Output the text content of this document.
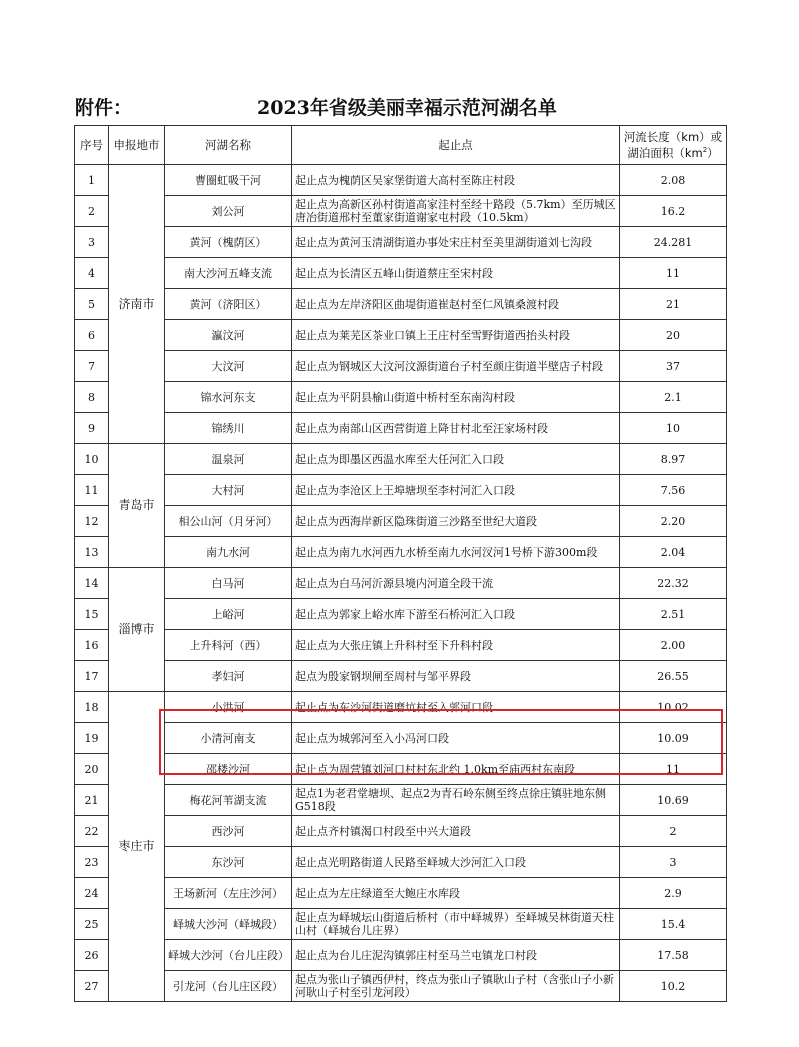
附件：	2023年省级美丽幸福示范河湖名单
序号	申报地市	河湖名称	起止点	河流长度（km）或
湖泊面积$(km^2)$
1	济南市	曹圈虹吸干河	起止点为槐荫区吴家堡街道大高村至陈庄村段	2.08
2		刘公河	起止点为高新区孙村街道高家洼村至经十路段（5.7km）至历城区唐冶街道邢村至董家街道谢家屯村段（10.5km）	16.2
3		黄河（槐荫区）	起止点为黄河玉清湖街道办事处宋庄村至美里湖街道刘七沟段	24.281
4		南大沙河五峰支流	起止点为长清区五峰山街道蔡庄至宋村段	11
5		黄河（济阳区）	起止点为左岸济阳区曲堤街道崔赵村至仁风镇桑渡村段	21
6		瀛汶河	起止点为莱芜区茶业口镇上王庄村至雪野街道西抬头村段	20
7		大汶河	起止点为钢城区大汶河汶源街道台子村至颜庄街道半壁店子村段	37
8		锦水河东支	起止点为平阴县榆山街道中桥村至东南沟村段	2.1
9		锦绣川	起止点为南部山区西营街道上降甘村北至汪家场村段	10
10	青岛市	温泉河	起止点为即墨区西温水库至大任河汇入口段	8.97
11		大村河	起止点为李沧区上王埠塘坝至李村河汇入口段	7.56
12		相公山河（月牙河）	起止点为西海岸新区隐珠街道三沙路至世纪大道段	2.20
13		南九水河	起止点为南九水河西九水桥至南九水河汊河1号桥下游300m段	2.04
14	淄博市	白马河	起止点为白马河沂源县境内河道全段干流	22.32
15		上峪河	起止点为郭家上峪水库下游至石桥河汇入口段	2.51
16		上升科河（西）	起止点为大张庄镇上升科村至下升科村段	2.00
17		孝妇河	起点为殷家钢坝闸至周村与邹平界段	26.55
18	枣庄市	小洪河	起止点为东沙河街道磨坑村至入郭河口段	10.02
19		小清河南支	起止点为城郭河至入小冯河口段	10.09
20		邵楼沙河	起止点为周营镇刘河口村村东北约 1.0km至庙西村东南段	11
21		梅花河苇湖支流	起点1为老君堂塘坝、起点2为青石岭东侧至终点徐庄镇驻地东侧G518段	10.69
22		西沙河	起止点齐村镇渴口村段至中兴大道段	2
23		东沙河	起止点光明路街道人民路至峄城大沙河汇入口段	3
24		王场新河（左庄沙河）	起止点为左庄绿道至大鲍庄水库段	2.9
25		峄城大沙河（峄城段）	起止点为峄城坛山街道后桥村（市中峄城界）至峄城吴林街道天柱山村（峄城台儿庄界）	15.4
26		峄城大沙河（台儿庄段）	起止点为台儿庄泥沟镇郭庄村至马兰屯镇龙口村段	17.58
27		引龙河（台儿庄区段）	起点为张山子镇西伊村，终点为张山子镇耿山子村（含张山子小新河耿山子村至引龙河段）	10.2
